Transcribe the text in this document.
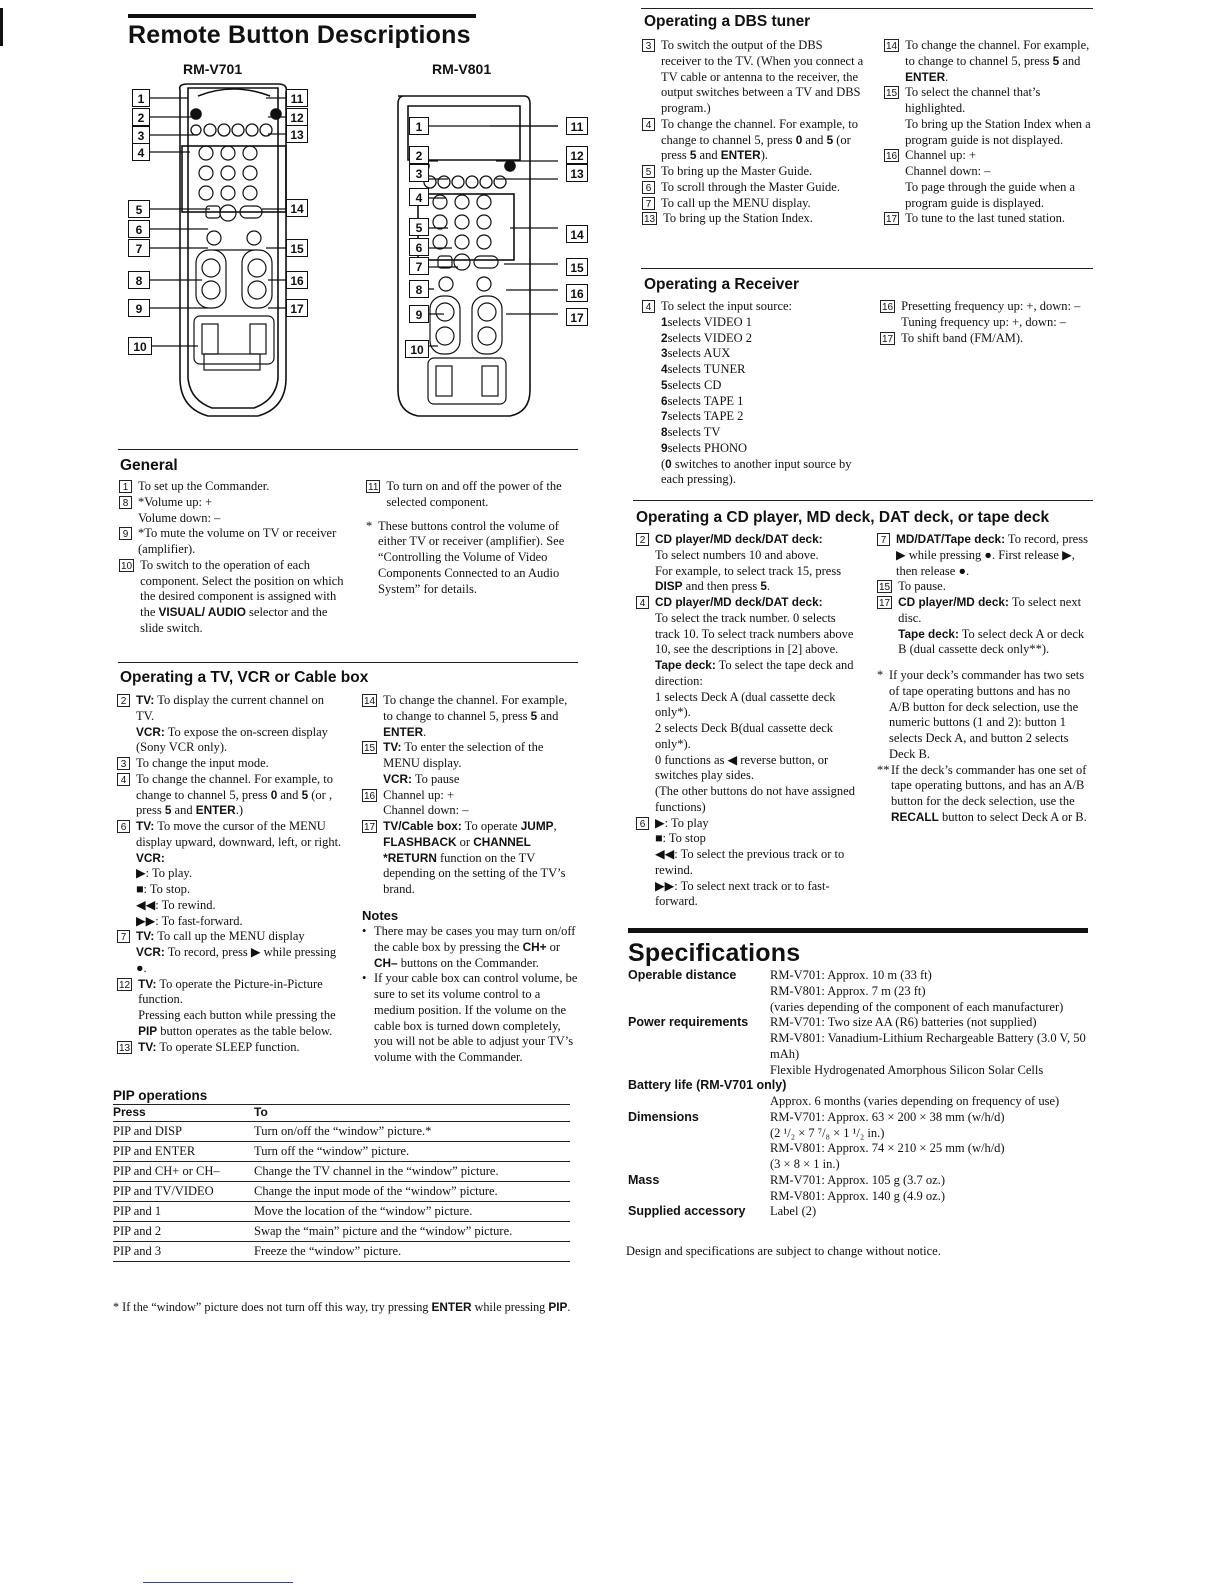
Remote Button Descriptions
RM-V701	RM-V801
1
2
3
4
5
6
7
8
9
10
11
12
13
14
15
16
17
1
2
3
4
5
6
7
8
9
10
11
12
13
14
15
16
17
General
1 To set up the Commander.
8 *Volume up: +
Volume down: –
9 *To mute the volume on TV or receiver (amplifier).
10 To switch to the operation of each component. Select the position on which the desired component is assigned with the VISUAL/ AUDIO selector and the slide switch.
11 To turn on and off the power of the selected component.
* These buttons control the volume of either TV or receiver (amplifier). See “Controlling the Volume of Video Components Connected to an Audio System” for details.
Operating a TV, VCR or Cable box
2 TV: To display the current channel on TV.
VCR: To expose the on-screen display (Sony VCR only).
3 To change the input mode.
4 To change the channel. For example, to change to channel 5, press 0 and 5 (or , press 5 and ENTER.)
6 TV: To move the cursor of the MENU display upward, downward, left, or right.
VCR:
▶: To play.
■: To stop.
◀◀: To rewind.
▶▶: To fast-forward.
7 TV: To call up the MENU display
VCR: To record, press ▶ while pressing ●.
12 TV: To operate the Picture-in-Picture function.
Pressing each button while pressing the PIP button operates as the table below.
13 TV: To operate SLEEP function.
14 To change the channel. For example, to change to channel 5, press 5 and ENTER.
15 TV: To enter the selection of the MENU display.
VCR: To pause
16 Channel up: +
Channel down: –
17 TV/Cable box: To operate JUMP, FLASHBACK or CHANNEL *RETURN function on the TV depending on the setting of the TV’s brand.
Notes
• There may be cases you may turn on/off the cable box by pressing the CH+ or CH– buttons on the Commander.
• If your cable box can control volume, be sure to set its volume control to a medium position. If the volume on the cable box is turned down completely, you will not be able to adjust your TV’s volume with the Commander.
PIP operations
Press	To
PIP and DISP	Turn on/off the “window” picture.*
PIP and ENTER	Turn off the “window” picture.
PIP and CH+ or CH–	Change the TV channel in the “window” picture.
PIP and TV/VIDEO	Change the input mode of the “window” picture.
PIP and 1	Move the location of the “window” picture.
PIP and 2	Swap the “main” picture and the “window” picture.
PIP and 3	Freeze the “window” picture.
* If the “window” picture does not turn off this way, try pressing ENTER while pressing PIP.
Operating a DBS tuner
3 To switch the output of the DBS receiver to the TV. (When you connect a TV cable or antenna to the receiver, the output switches between a TV and DBS program.)
4 To change the channel. For example, to change to channel 5, press 0 and 5 (or press 5 and ENTER).
5 To bring up the Master Guide.
6 To scroll through the Master Guide.
7 To call up the MENU display.
13 To bring up the Station Index.
14 To change the channel. For example, to change to channel 5, press 5 and ENTER.
15 To select the channel that’s highlighted.
To bring up the Station Index when a program guide is not displayed.
16 Channel up: +
Channel down: –
To page through the guide when a program guide is displayed.
17 To tune to the last tuned station.
Operating a Receiver
4 To select the input source:
1selects VIDEO 1
2selects VIDEO 2
3selects AUX
4selects TUNER
5selects CD
6selects TAPE 1
7selects TAPE 2
8selects TV
9selects PHONO
(0 switches to another input source by each pressing).
16 Presetting frequency up: +, down: –
Tuning frequency up: +, down: –
17 To shift band (FM/AM).
Operating a CD player, MD deck, DAT deck, or tape deck
2 CD player/MD deck/DAT deck:
To select numbers 10 and above.
For example, to select track 15, press DISP and then press 5.
4 CD player/MD deck/DAT deck:
To select the track number. 0 selects track 10. To select track numbers above 10, see the descriptions in [2] above.
Tape deck: To select the tape deck and direction:
1 selects Deck A (dual cassette deck only*).
2 selects Deck B(dual cassette deck only*).
0 functions as ◀ reverse button, or switches play sides.
(The other buttons do not have assigned functions)
6 ▶: To play
■: To stop
◀◀: To select the previous track or to rewind.
▶▶: To select next track or to fast-forward.
7 MD/DAT/Tape deck: To record, press ▶ while pressing ●. First release ▶, then release ●.
15 To pause.
17 CD player/MD deck: To select next disc.
Tape deck: To select deck A or deck B (dual cassette deck only**).
* If your deck’s commander has two sets of tape operating buttons and has no A/B button for deck selection, use the numeric buttons (1 and 2): button 1 selects Deck A, and button 2 selects Deck B.
** If the deck’s commander has one set of tape operating buttons, and has an A/B button for the deck selection, use the RECALL button to select Deck A or B.
Specifications
Operable distance	RM-V701: Approx. 10 m (33 ft)
RM-V801: Approx. 7 m (23 ft)
(varies depending of the component of each manufacturer)
Power requirements	RM-V701: Two size AA (R6) batteries (not supplied)
RM-V801: Vanadium-Lithium Rechargeable Battery (3.0 V, 50 mAh)
Flexible Hydrogenated Amorphous Silicon Solar Cells
Battery life (RM-V701 only)
Approx. 6 months (varies depending on frequency of use)
Dimensions	RM-V701: Approx. 63 × 200 × 38 mm (w/h/d)
(2 ¹/₂ × 7 ⁷/₈ × 1 ¹/₂ in.)
RM-V801: Approx. 74 × 210 × 25 mm (w/h/d)
(3 × 8 × 1 in.)
Mass	RM-V701: Approx. 105 g (3.7 oz.)
RM-V801: Approx. 140 g (4.9 oz.)
Supplied accessory	Label (2)
Design and specifications are subject to change without notice.
